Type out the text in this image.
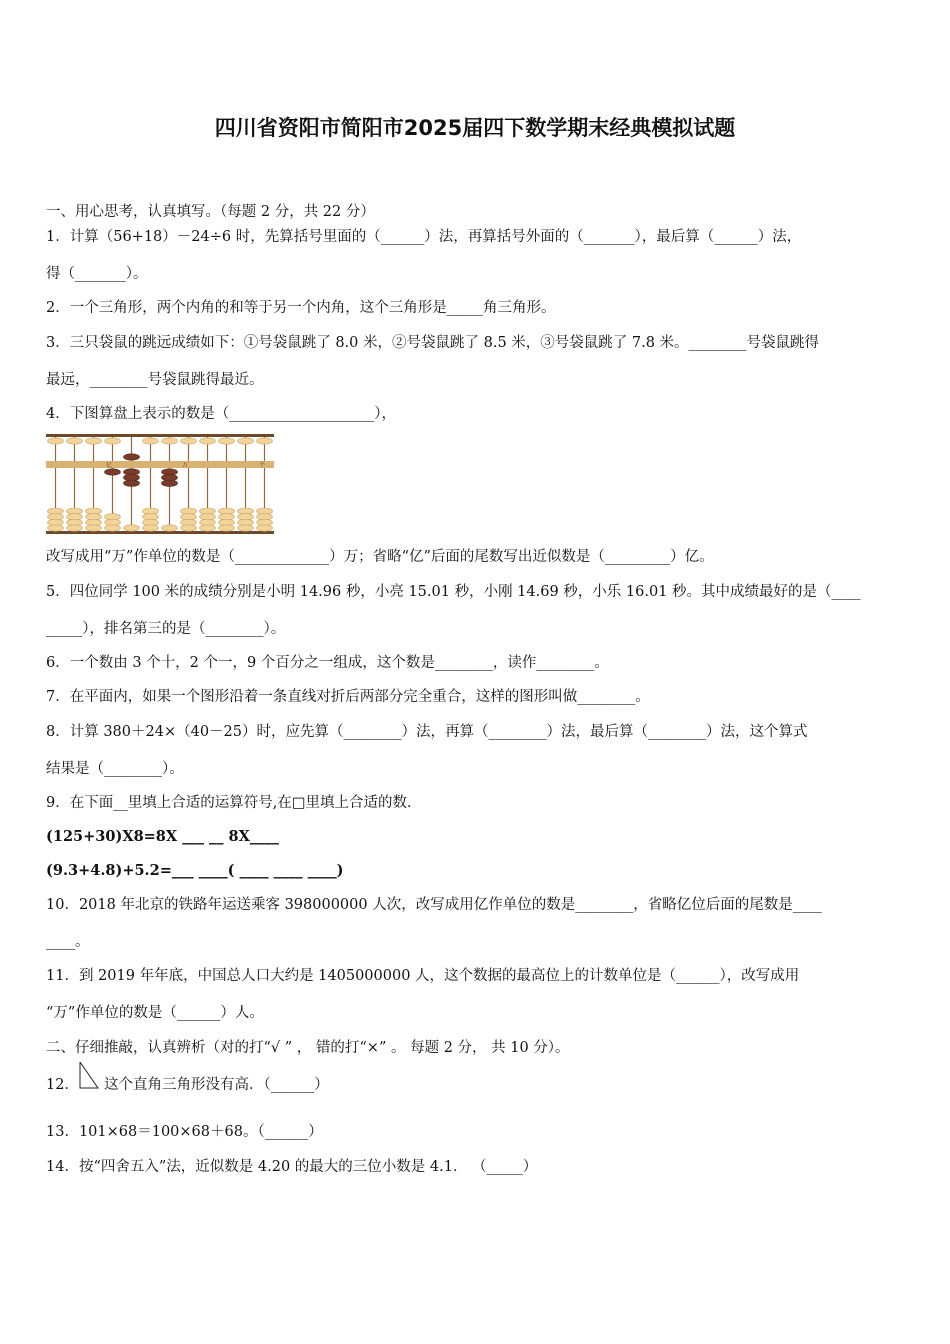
四川省资阳市简阳市2025届四下数学期末经典模拟试题
一、用心思考，认真填写。（每题 2 分，共 22 分）
1．计算（56+18）－24÷6 时，先算括号里面的（______）法，再算括号外面的（_______），最后算（______）法，
得（_______）。
2．一个三角形，两个内角的和等于另一个内角，这个三角形是_____角三角形。
3．三只袋鼠的跳远成绩如下：①号袋鼠跳了 8.0 米，②号袋鼠跳了 8.5 米，③号袋鼠跳了 7.8 米。________号袋鼠跳得
最远，________号袋鼠跳得最近。
4．下图算盘上表示的数是（____________________），
亿	万	个
改写成用“万”作单位的数是（_____________）万；省略“亿”后面的尾数写出近似数是（_________）亿。
5．四位同学 100 米的成绩分别是小明 14.96 秒，小亮 15.01 秒，小刚 14.69 秒，小乐 16.01 秒。其中成绩最好的是（____
_____），排名第三的是（________）。
6．一个数由 3 个十，2 个一，9 个百分之一组成，这个数是________，读作________。
7．在平面内，如果一个图形沿着一条直线对折后两部分完全重合，这样的图形叫做________。
8．计算 380＋24×（40－25）时，应先算（________）法，再算（________）法，最后算（________）法，这个算式
结果是（________）。
9．在下面__里填上合适的运算符号,在□里填上合适的数．
(125+30)X8=8X ___ __ 8X____
(9.3+4.8)+5.2=___ ____( ____ ____ ____)
10．2018 年北京的铁路年运送乘客 398000000 人次，改写成用亿作单位的数是________，省略亿位后面的尾数是____
____。
11．到 2019 年年底，中国总人口大约是 1405000000 人，这个数据的最高位上的计数单位是（______），改写成用
“万”作单位的数是（______）人。
二、仔细推敲，认真辨析（对的打“√ ” ， 错的打“×” 。 每题 2 分， 共 10 分）。
12． 这个直角三角形没有高．（______）
13．101×68＝100×68＋68。（______）
14．按“四舍五入”法，近似数是 4.20 的最大的三位小数是 4.1． （_____）
